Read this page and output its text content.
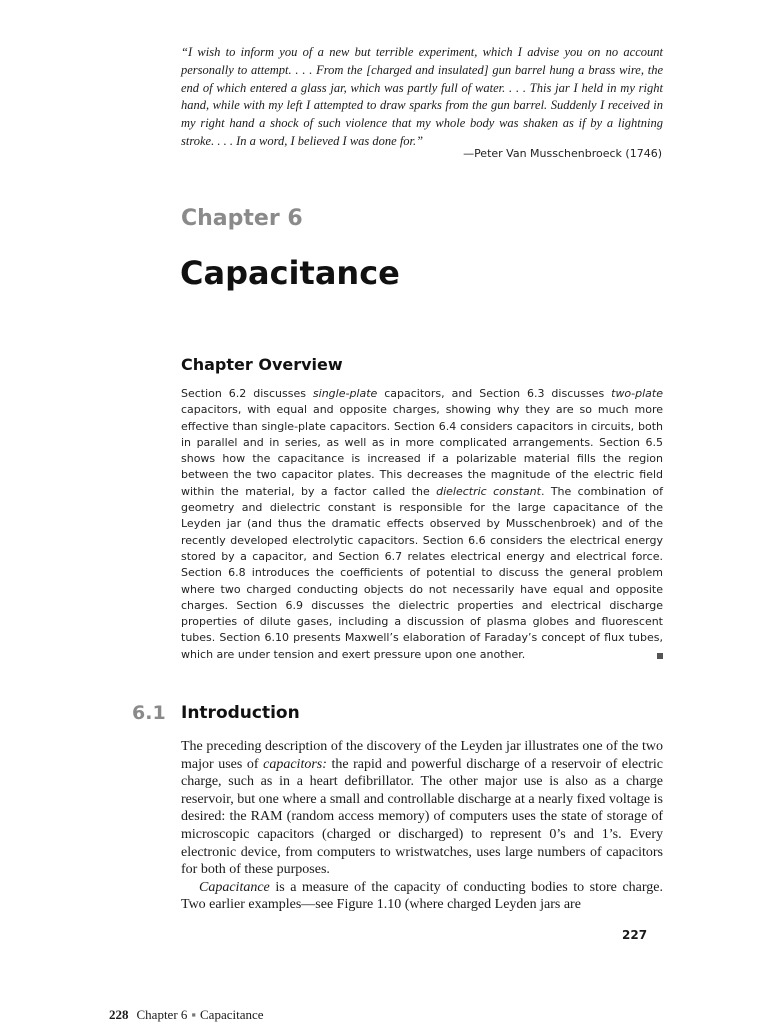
“I wish to inform you of a new but terrible experiment, which I advise you on no account personally to attempt. . . . From the [charged and insulated] gun barrel hung a brass wire, the end of which entered a glass jar, which was partly full of water. . . . This jar I held in my right hand, while with my left I attempted to draw sparks from the gun barrel. Suddenly I received in my right hand a shock of such violence that my whole body was shaken as if by a lightning stroke. . . . In a word, I believed I was done for.”

—Peter Van Musschenbroeck (1746)

Chapter 6
Capacitance
Chapter Overview

Section 6.2 discusses single-plate capacitors, and Section 6.3 discusses two-plate capacitors, with equal and opposite charges, showing why they are so much more effective than single-plate capacitors. Section 6.4 considers capacitors in circuits, both in parallel and in series, as well as in more complicated arrangements. Section 6.5 shows how the capacitance is increased if a polarizable material fills the region between the two capacitor plates. This decreases the magnitude of the electric field within the material, by a factor called the dielectric constant. The combination of geometry and dielectric constant is responsible for the large capacitance of the Leyden jar (and thus the dramatic effects observed by Musschenbroek) and of the recently developed electrolytic capacitors. Section 6.6 considers the electrical energy stored by a capacitor, and Section 6.7 relates electrical energy and electrical force. Section 6.8 introduces the coefficients of potential to discuss the general problem where two charged conducting objects do not necessarily have equal and opposite charges. Section 6.9 discusses the dielectric properties and electrical discharge properties of dilute gases, including a discussion of plasma globes and fluorescent tubes. Section 6.10 presents Maxwell’s elaboration of Faraday’s concept of flux tubes, which are under tension and exert pressure upon one another.

6.1 Introduction

The preceding description of the discovery of the Leyden jar illustrates one of the two major uses of capacitors: the rapid and powerful discharge of a reservoir of electric charge, such as in a heart defibrillator. The other major use is also as a charge reservoir, but one where a small and controllable discharge at a nearly fixed voltage is desired: the RAM (random access memory) of computers uses the state of storage of microscopic capacitors (charged or discharged) to represent 0’s and 1’s. Every electronic device, from computers to wristwatches, uses large numbers of capacitors for both of these purposes.

Capacitance is a measure of the capacity of conducting bodies to store charge. Two earlier examples—see Figure 1.10 (where charged Leyden jars are

227
228 Chapter 6 ▪ Capacitance
